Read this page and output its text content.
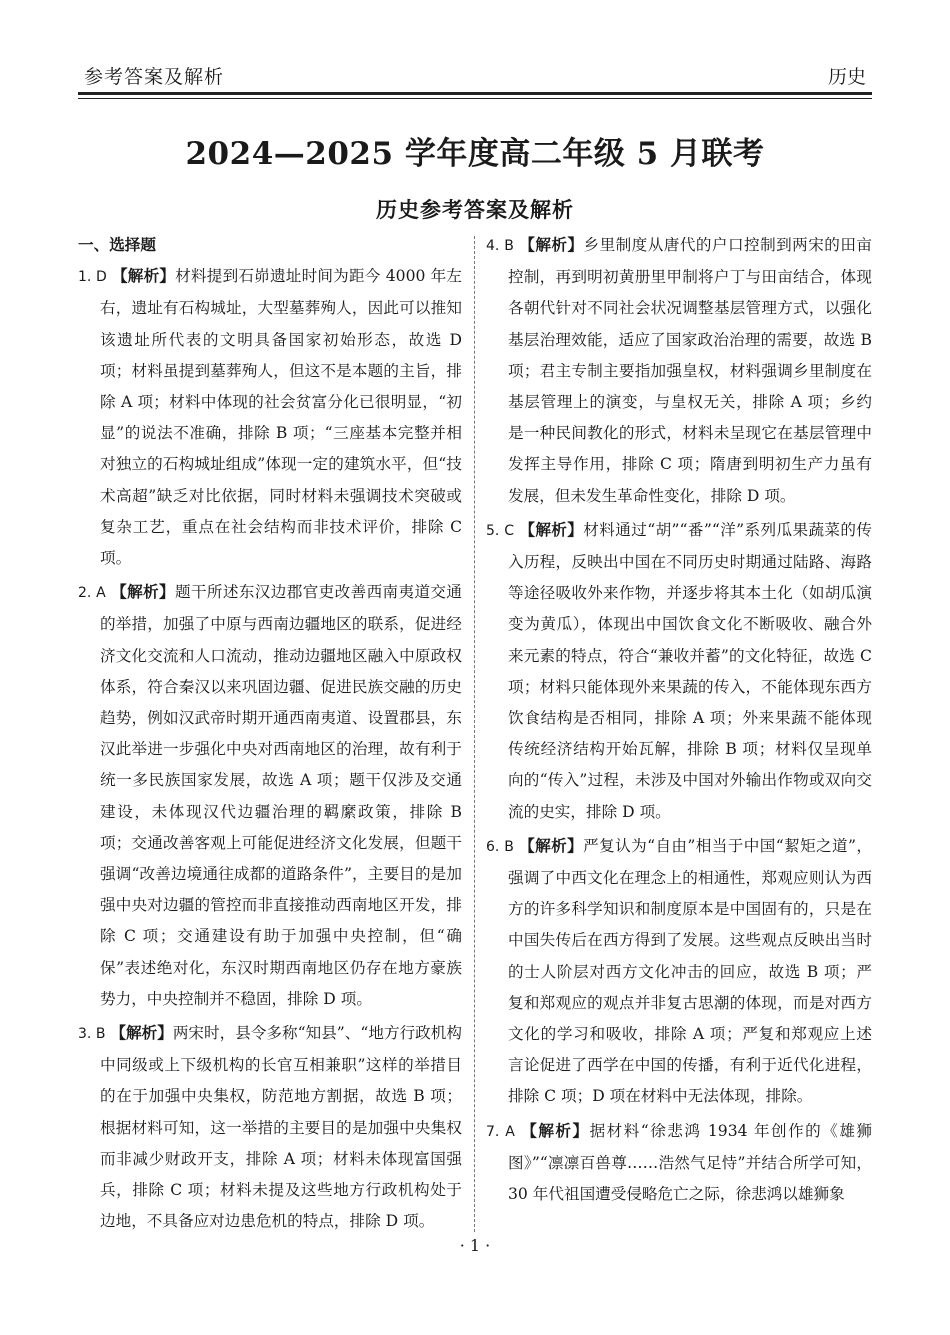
参考答案及解析	历史
2024—2025 学年度高二年级 5 月联考
历史参考答案及解析
一、选择题
1. D 【解析】材料提到石峁遗址时间为距今 4000 年左右，遗址有石构城址，大型墓葬殉人，因此可以推知该遗址所代表的文明具备国家初始形态，故选 D 项；材料虽提到墓葬殉人，但这不是本题的主旨，排除 A 项；材料中体现的社会贫富分化已很明显，“初显”的说法不准确，排除 B 项；“三座基本完整并相对独立的石构城址组成”体现一定的建筑水平，但“技术高超”缺乏对比依据，同时材料未强调技术突破或复杂工艺，重点在社会结构而非技术评价，排除 C 项。
2. A 【解析】题干所述东汉边郡官吏改善西南夷道交通的举措，加强了中原与西南边疆地区的联系，促进经济文化交流和人口流动，推动边疆地区融入中原政权体系，符合秦汉以来巩固边疆、促进民族交融的历史趋势，例如汉武帝时期开通西南夷道、设置郡县，东汉此举进一步强化中央对西南地区的治理，故有利于统一多民族国家发展，故选 A 项；题干仅涉及交通建设，未体现汉代边疆治理的羁縻政策，排除 B 项；交通改善客观上可能促进经济文化发展，但题干强调“改善边境通往成都的道路条件”，主要目的是加强中央对边疆的管控而非直接推动西南地区开发，排除 C 项；交通建设有助于加强中央控制，但“确保”表述绝对化，东汉时期西南地区仍存在地方豪族势力，中央控制并不稳固，排除 D 项。
3. B 【解析】两宋时，县令多称“知县”、“地方行政机构中同级或上下级机构的长官互相兼职”这样的举措目的在于加强中央集权，防范地方割据，故选 B 项；根据材料可知，这一举措的主要目的是加强中央集权而非减少财政开支，排除 A 项；材料未体现富国强兵，排除 C 项；材料未提及这些地方行政机构处于边地，不具备应对边患危机的特点，排除 D 项。
4. B 【解析】乡里制度从唐代的户口控制到两宋的田亩控制，再到明初黄册里甲制将户丁与田亩结合，体现各朝代针对不同社会状况调整基层管理方式，以强化基层治理效能，适应了国家政治治理的需要，故选 B 项；君主专制主要指加强皇权，材料强调乡里制度在基层管理上的演变，与皇权无关，排除 A 项；乡约是一种民间教化的形式，材料未呈现它在基层管理中发挥主导作用，排除 C 项；隋唐到明初生产力虽有发展，但未发生革命性变化，排除 D 项。
5. C 【解析】材料通过“胡”“番”“洋”系列瓜果蔬菜的传入历程，反映出中国在不同历史时期通过陆路、海路等途径吸收外来作物，并逐步将其本土化（如胡瓜演变为黄瓜），体现出中国饮食文化不断吸收、融合外来元素的特点，符合“兼收并蓄”的文化特征，故选 C 项；材料只能体现外来果蔬的传入，不能体现东西方饮食结构是否相同，排除 A 项；外来果蔬不能体现传统经济结构开始瓦解，排除 B 项；材料仅呈现单向的“传入”过程，未涉及中国对外输出作物或双向交流的史实，排除 D 项。
6. B 【解析】严复认为“自由”相当于中国“絜矩之道”，强调了中西文化在理念上的相通性，郑观应则认为西方的许多科学知识和制度原本是中国固有的，只是在中国失传后在西方得到了发展。这些观点反映出当时的士人阶层对西方文化冲击的回应，故选 B 项；严复和郑观应的观点并非复古思潮的体现，而是对西方文化的学习和吸收，排除 A 项；严复和郑观应上述言论促进了西学在中国的传播，有利于近代化进程，排除 C 项；D 项在材料中无法体现，排除。
7. A 【解析】据材料“徐悲鸿 1934 年创作的《雄狮图》”“凛凛百兽尊……浩然气足恃”并结合所学可知，30 年代祖国遭受侵略危亡之际，徐悲鸿以雄狮象
· 1 ·
